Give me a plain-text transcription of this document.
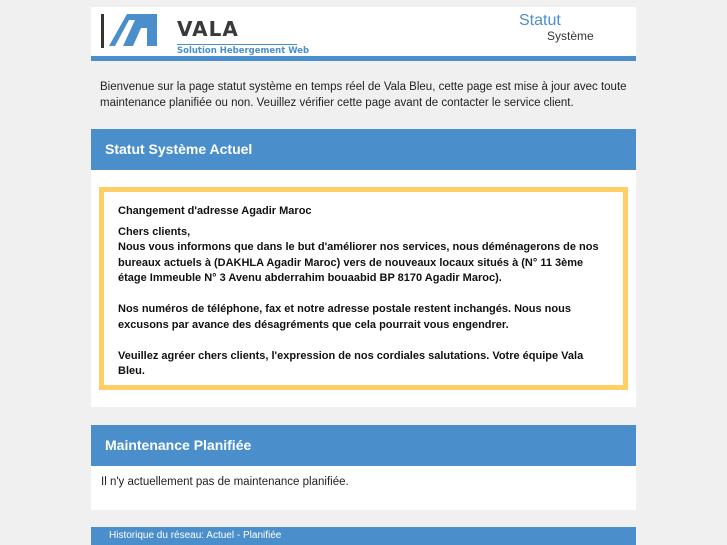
VALA
Solution Hebergement Web
Statut
Système
Bienvenue sur la page statut système en temps réel de Vala Bleu, cette page est mise à jour avec toute maintenance planifiée ou non. Veuillez vérifier cette page avant de contacter le service client.
Statut Système Actuel

Changement d'adresse Agadir Maroc

Chers clients,

Nous vous informons que dans le but d'améliorer nos services, nous déménagerons de nos bureaux actuels à (DAKHLA Agadir Maroc) vers de nouveaux locaux situés à (N° 11 3ème étage Immeuble N° 3 Avenu abderrahim bouaabid BP 8170 Agadir Maroc).

Nos numéros de téléphone, fax et notre adresse postale restent inchangés. Nous nous excusons par avance des désagréments que cela pourrait vous engendrer.

Veuillez agréer chers clients, l'expression de nos cordiales salutations. Votre équipe Vala Bleu.

Maintenance Planifiée
Il n'y actuellement pas de maintenance planifiée.
Historique du réseau: Actuel - Planifiée
